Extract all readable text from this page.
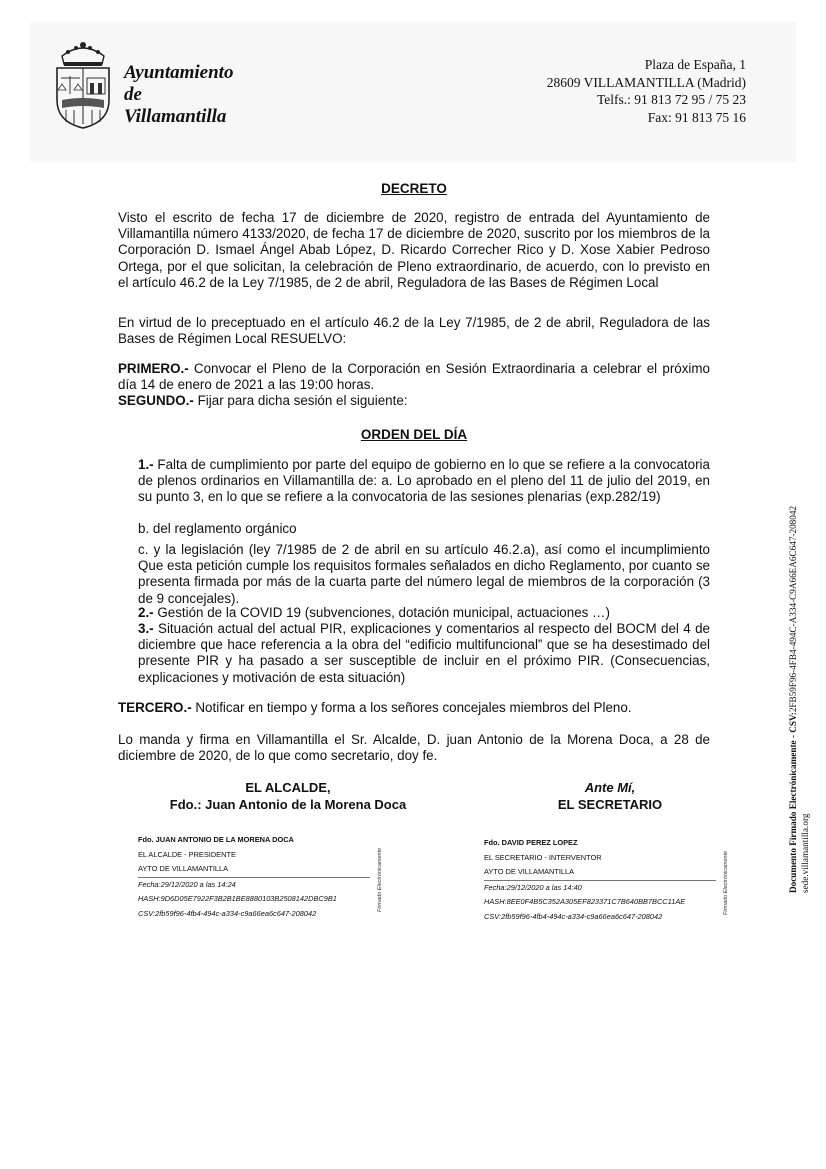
Ayuntamiento
de
Villamantilla
Plaza de España, 1
28609 VILLAMANTILLA (Madrid)
Telfs.: 91 813 72 95 / 75 23
Fax: 91 813 75 16
DECRETO
Visto el escrito de fecha 17 de diciembre de 2020, registro de entrada del Ayuntamiento de Villamantilla número 4133/2020, de fecha 17 de diciembre de 2020, suscrito por los miembros de la Corporación D. Ismael Ángel Abab López, D. Ricardo Correcher Rico y D. Xose Xabier Pedroso Ortega, por el que solicitan, la celebración de Pleno extraordinario, de acuerdo, con lo previsto en el artículo 46.2 de la Ley 7/1985, de 2 de abril, Reguladora de las Bases de Régimen Local
En virtud de lo preceptuado en el artículo 46.2 de la Ley 7/1985, de 2 de abril, Reguladora de las Bases de Régimen Local RESUELVO:
PRIMERO.- Convocar el Pleno de la Corporación en Sesión Extraordinaria a celebrar el próximo día 14 de enero de 2021 a las 19:00 horas.
SEGUNDO.- Fijar para dicha sesión el siguiente:
ORDEN DEL DÍA
1.- Falta de cumplimiento por parte del equipo de gobierno en lo que se refiere a la convocatoria de plenos ordinarios en Villamantilla de: a. Lo aprobado en el pleno del 11 de julio del 2019, en su punto 3, en lo que se refiere a la convocatoria de las sesiones plenarias (exp.282/19)
b. del reglamento orgánico
c. y la legislación (ley 7/1985 de 2 de abril en su artículo 46.2.a), así como el incumplimiento Que esta petición cumple los requisitos formales señalados en dicho Reglamento, por cuanto se presenta firmada por más de la cuarta parte del número legal de miembros de la corporación (3 de 9 concejales).
2.- Gestión de la COVID 19 (subvenciones, dotación municipal, actuaciones …)
3.- Situación actual del actual PIR, explicaciones y comentarios al respecto del BOCM del 4 de diciembre que hace referencia a la obra del “edificio multifuncional” que se ha desestimado del presente PIR y ha pasado a ser susceptible de incluir en el próximo PIR. (Consecuencias, explicaciones y motivación de esta situación)
TERCERO.- Notificar en tiempo y forma a los señores concejales miembros del Pleno.
Lo manda y firma en Villamantilla el Sr. Alcalde, D. juan Antonio de la Morena Doca, a 28 de diciembre de 2020, de lo que como secretario, doy fe.
EL ALCALDE,
Fdo.: Juan Antonio de la Morena Doca
Ante Mí,
EL SECRETARIO
Fdo. JUAN ANTONIO DE LA MORENA DOCA
EL ALCALDE - PRESIDENTE
AYTO DE VILLAMANTILLA
Fecha:29/12/2020 a las 14:24
HASH:9D6D05E7922F3B2B1BE8880103B2508142DBC9B1
CSV:2fb59f96-4fb4-494c-a334-c9a66ea6c647-208042
Firmado Electrónicamente
Fdo. DAVID PEREZ LOPEZ
EL SECRETARIO - INTERVENTOR
AYTO DE VILLAMANTILLA
Fecha:29/12/2020 a las 14:40
HASH:8EE0F4B5C352A305EF823371C7B640BB7BCC11AE
CSV:2fb59f96-4fb4-494c-a334-c9a66ea6c647-208042
Firmado Electrónicamente	Documento Firmado Electrónicamente - CSV:2FB59F96-4FB4-494C-A334-C9A66EA6C647-208042
sede.villamantilla.org
